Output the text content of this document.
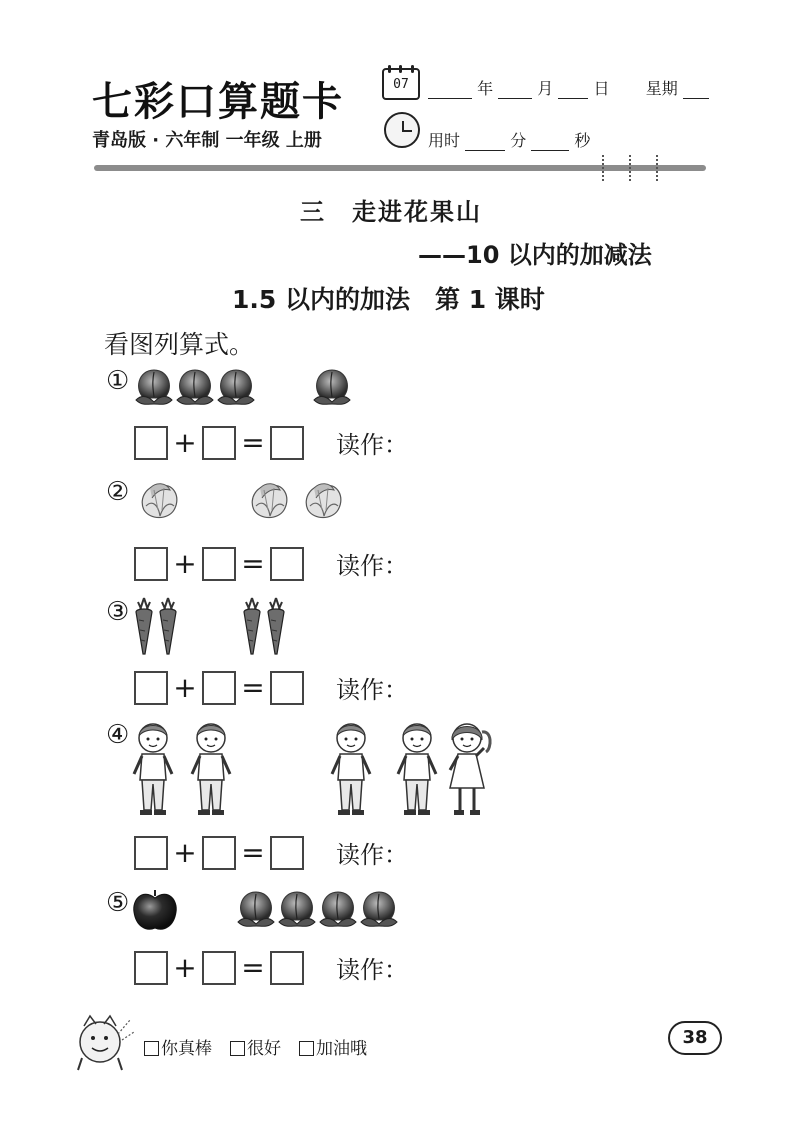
七彩口算题卡	07	年	月	日 星期
青岛版 · 六年制 一年级 上册	用时	分	秒
三　走进花果山
——10 以内的加减法
1.5 以内的加法　第 1 课时
看图列算式。
①
+ =	读作：
②
+ =	读作：
③
+ =	读作：
④
+ =	读作：
⑤
+ =	读作：
你真棒	很好	加油哦
38
